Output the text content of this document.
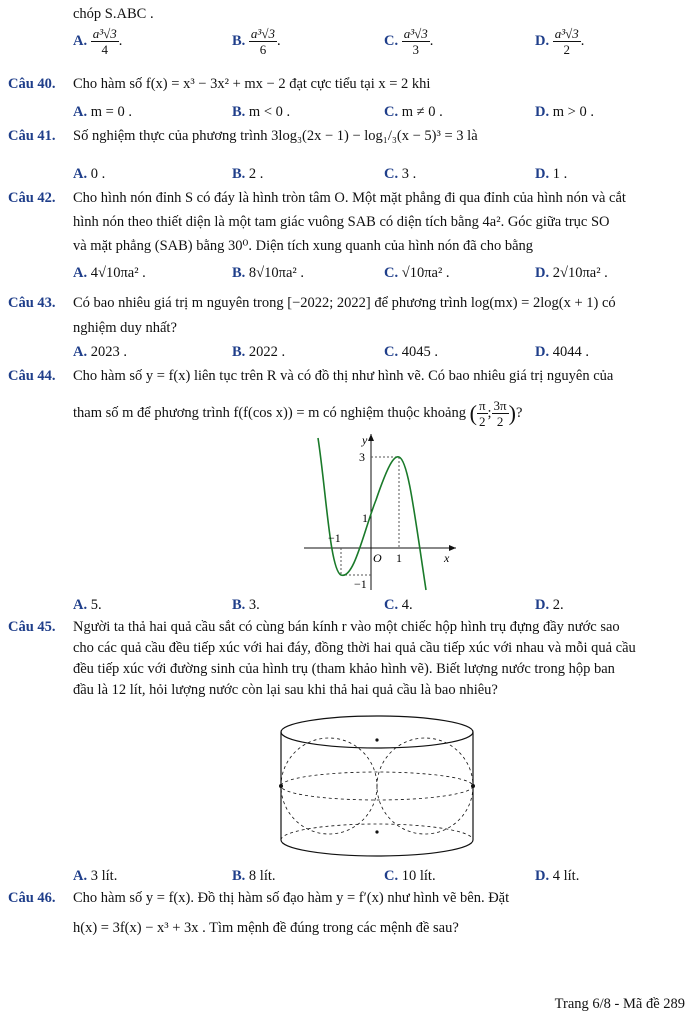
chóp S.ABC .
A. $\frac{\text{a³√3}}{4}$ .	B. $\frac{\text{a³√3}}{6}$ .	C. $\frac{\text{a³√3}}{3}$ .	D. $\frac{\text{a³√3}}{2}$ .
Câu 40. Cho hàm số f(x) = x³ − 3x² + mx − 2 đạt cực tiểu tại x = 2 khi
A. m = 0 .	B. m < 0 .	C. m ≠ 0 .	D. m > 0 .
Câu 41. Số nghiệm thực của phương trình 3log₃(2x − 1) − log₁/₃(x − 5)³ = 3 là
A. 0 .	B. 2 .	C. 3 .	D. 1 .
Câu 42. Cho hình nón đỉnh S có đáy là hình tròn tâm O. Một mặt phẳng đi qua đỉnh của hình nón và cắt
hình nón theo thiết diện là một tam giác vuông SAB có diện tích bằng 4a². Góc giữa trục SO
và mặt phẳng (SAB) bằng 30⁰. Diện tích xung quanh của hình nón đã cho bằng
A. 4√10πa² .	B. 8√10πa² .	C. √10πa² .	D. 2√10πa² .
Câu 43. Có bao nhiêu giá trị m nguyên trong [−2022; 2022] để phương trình log(mx) = 2log(x + 1) có
nghiệm duy nhất?
A. 2023 .	B. 2022 .	C. 4045 .	D. 4044 .
Câu 44. Cho hàm số y = f(x) liên tục trên R và có đồ thị như hình vẽ. Có bao nhiêu giá trị nguyên của
tham số m để phương trình f(f(cos x)) = m có nghiệm thuộc khoảng ( $\frac{\pi}{2}$ ; $\frac{3\pi}{2}$ )?
y
x
O
3
1
−1
1
−1
A. 5.	B. 3.	C. 4.	D. 2.
Câu 45. Người ta thả hai quả cầu sắt có cùng bán kính r vào một chiếc hộp hình trụ đựng đầy nước sao
cho các quả cầu đều tiếp xúc với hai đáy, đồng thời hai quả cầu tiếp xúc với nhau và mỗi quả cầu
đều tiếp xúc với đường sinh của hình trụ (tham khảo hình vẽ). Biết lượng nước trong hộp ban
đầu là 12 lít, hỏi lượng nước còn lại sau khi thả hai quả cầu là bao nhiêu?
A. 3 lít.	B. 8 lít.	C. 10 lít.	D. 4 lít.
Câu 46. Cho hàm số y = f(x). Đồ thị hàm số đạo hàm y = f′(x) như hình vẽ bên. Đặt
h(x) = 3f(x) − x³ + 3x . Tìm mệnh đề đúng trong các mệnh đề sau?
Trang 6/8 - Mã đề 289
